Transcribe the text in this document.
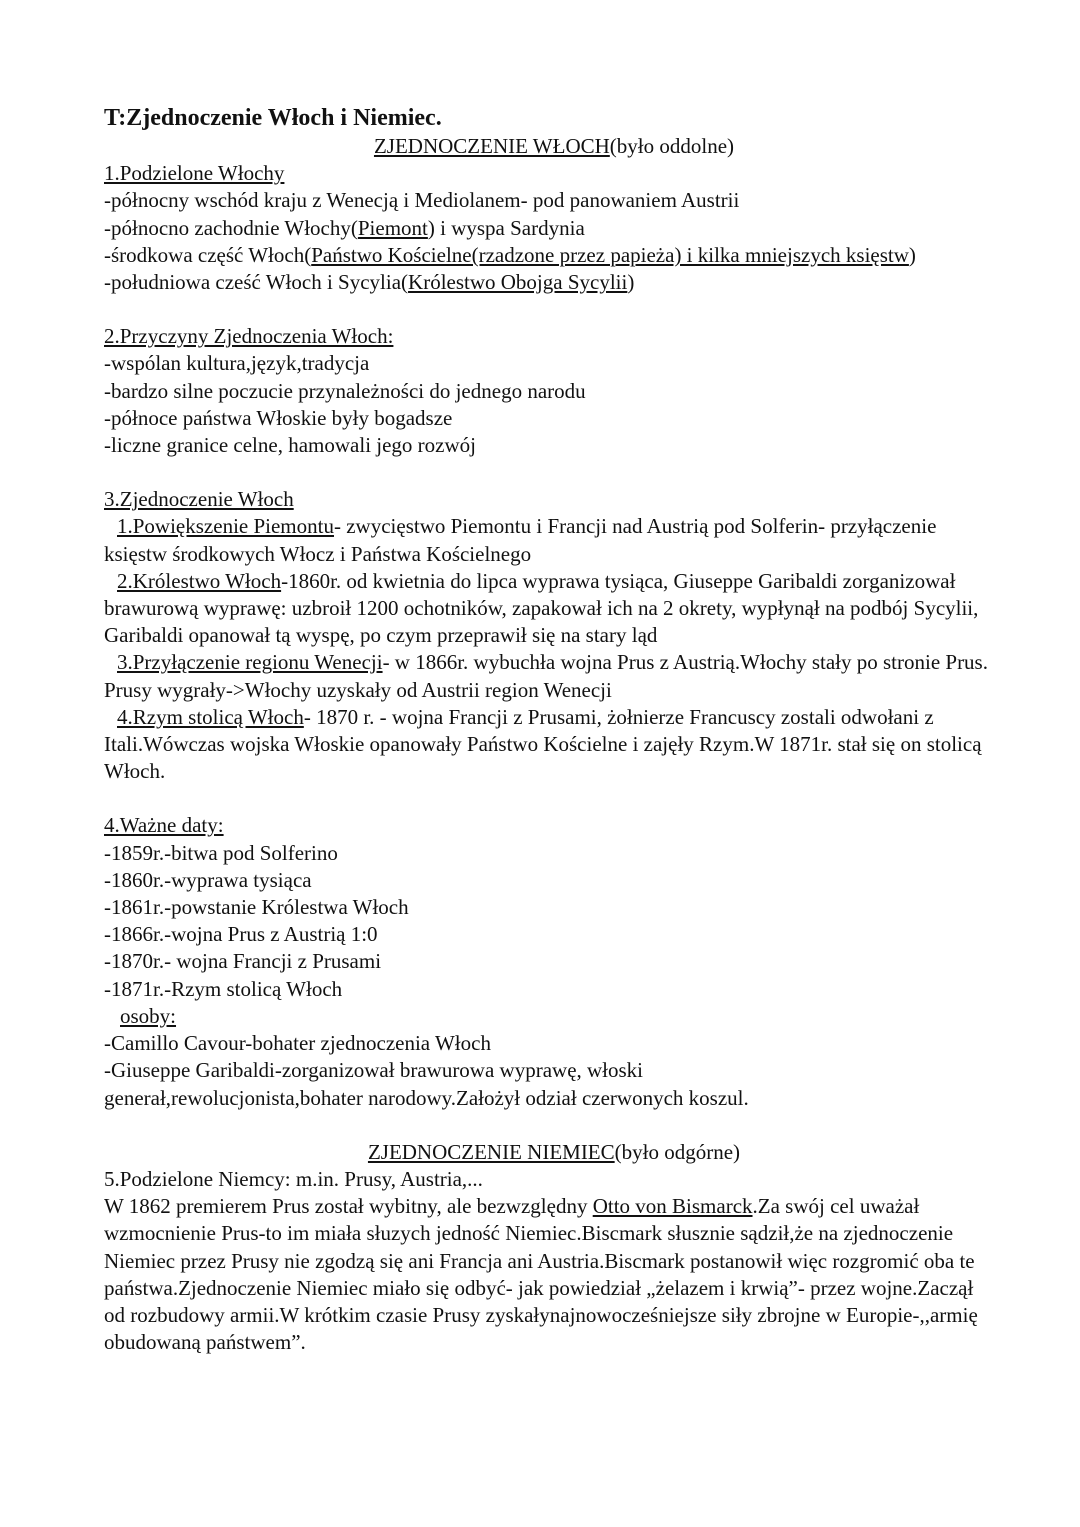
T:Zjednoczenie Włoch i Niemiec.

ZJEDNOCZENIE WŁOCH(było oddolne)

1.Podzielone Włochy

-północny wschód kraju z Wenecją i Mediolanem- pod panowaniem Austrii

-północno zachodnie Włochy(Piemont) i wyspa Sardynia

-środkowa część Włoch(Państwo Kościelne(rzadzone przez papieża) i kilka mniejszych księstw)

-południowa cześć Włoch i Sycylia(Królestwo Obojga Sycylii)

2.Przyczyny Zjednoczenia Włoch:

-wspólan kultura,język,tradycja

-bardzo silne poczucie przynależności do jednego narodu

-północe państwa Włoskie były bogadsze

-liczne granice celne, hamowali jego rozwój

3.Zjednoczenie Włoch

1.Powiększenie Piemontu- zwycięstwo Piemontu i Francji nad Austrią pod Solferin- przyłączenie księstw środkowych Włocz i Państwa Kościelnego

2.Królestwo Włoch-1860r. od kwietnia do lipca wyprawa tysiąca, Giuseppe Garibaldi zorganizował brawurową wyprawę: uzbroił 1200 ochotników, zapakował ich na 2 okrety, wypłynął na podbój Sycylii, Garibaldi opanował tą wyspę, po czym przeprawił się na stary ląd

3.Przyłączenie regionu Wenecji- w 1866r. wybuchła wojna Prus z Austrią.Włochy stały po stronie Prus. Prusy wygrały->Włochy uzyskały od Austrii region Wenecji

4.Rzym stolicą Włoch- 1870 r. - wojna Francji z Prusami, żołnierze Francuscy zostali odwołani z Itali.Wówczas wojska Włoskie opanowały Państwo Kościelne i zajęły Rzym.W 1871r. stał się on stolicą Włoch.

4.Ważne daty:

-1859r.-bitwa pod Solferino

-1860r.-wyprawa tysiąca

-1861r.-powstanie Królestwa Włoch

-1866r.-wojna Prus z Austrią 1:0

-1870r.- wojna Francji z Prusami

-1871r.-Rzym stolicą Włoch

osoby:

-Camillo Cavour-bohater zjednoczenia Włoch

-Giuseppe Garibaldi-zorganizował brawurowa wyprawę, włoski generał,rewolucjonista,bohater narodowy.Założył odział czerwonych koszul.

ZJEDNOCZENIE NIEMIEC(było odgórne)

5.Podzielone Niemcy: m.in. Prusy, Austria,...

W 1862 premierem Prus został wybitny, ale bezwzględny Otto von Bismarck.Za swój cel uważał wzmocnienie Prus-to im miała słuzych jedność Niemiec.Biscmark słusznie sądził,że na zjednoczenie Niemiec przez Prusy nie zgodzą się ani Francja ani Austria.Biscmark postanowił więc rozgromić oba te państwa.Zjednoczenie Niemiec miało się odbyć- jak powiedział „żelazem i krwią”- przez wojne.Zaczął od rozbudowy armii.W krótkim czasie Prusy zyskałynajnowocześniejsze siły zbrojne w Europie-,,armię obudowaną państwem”.
